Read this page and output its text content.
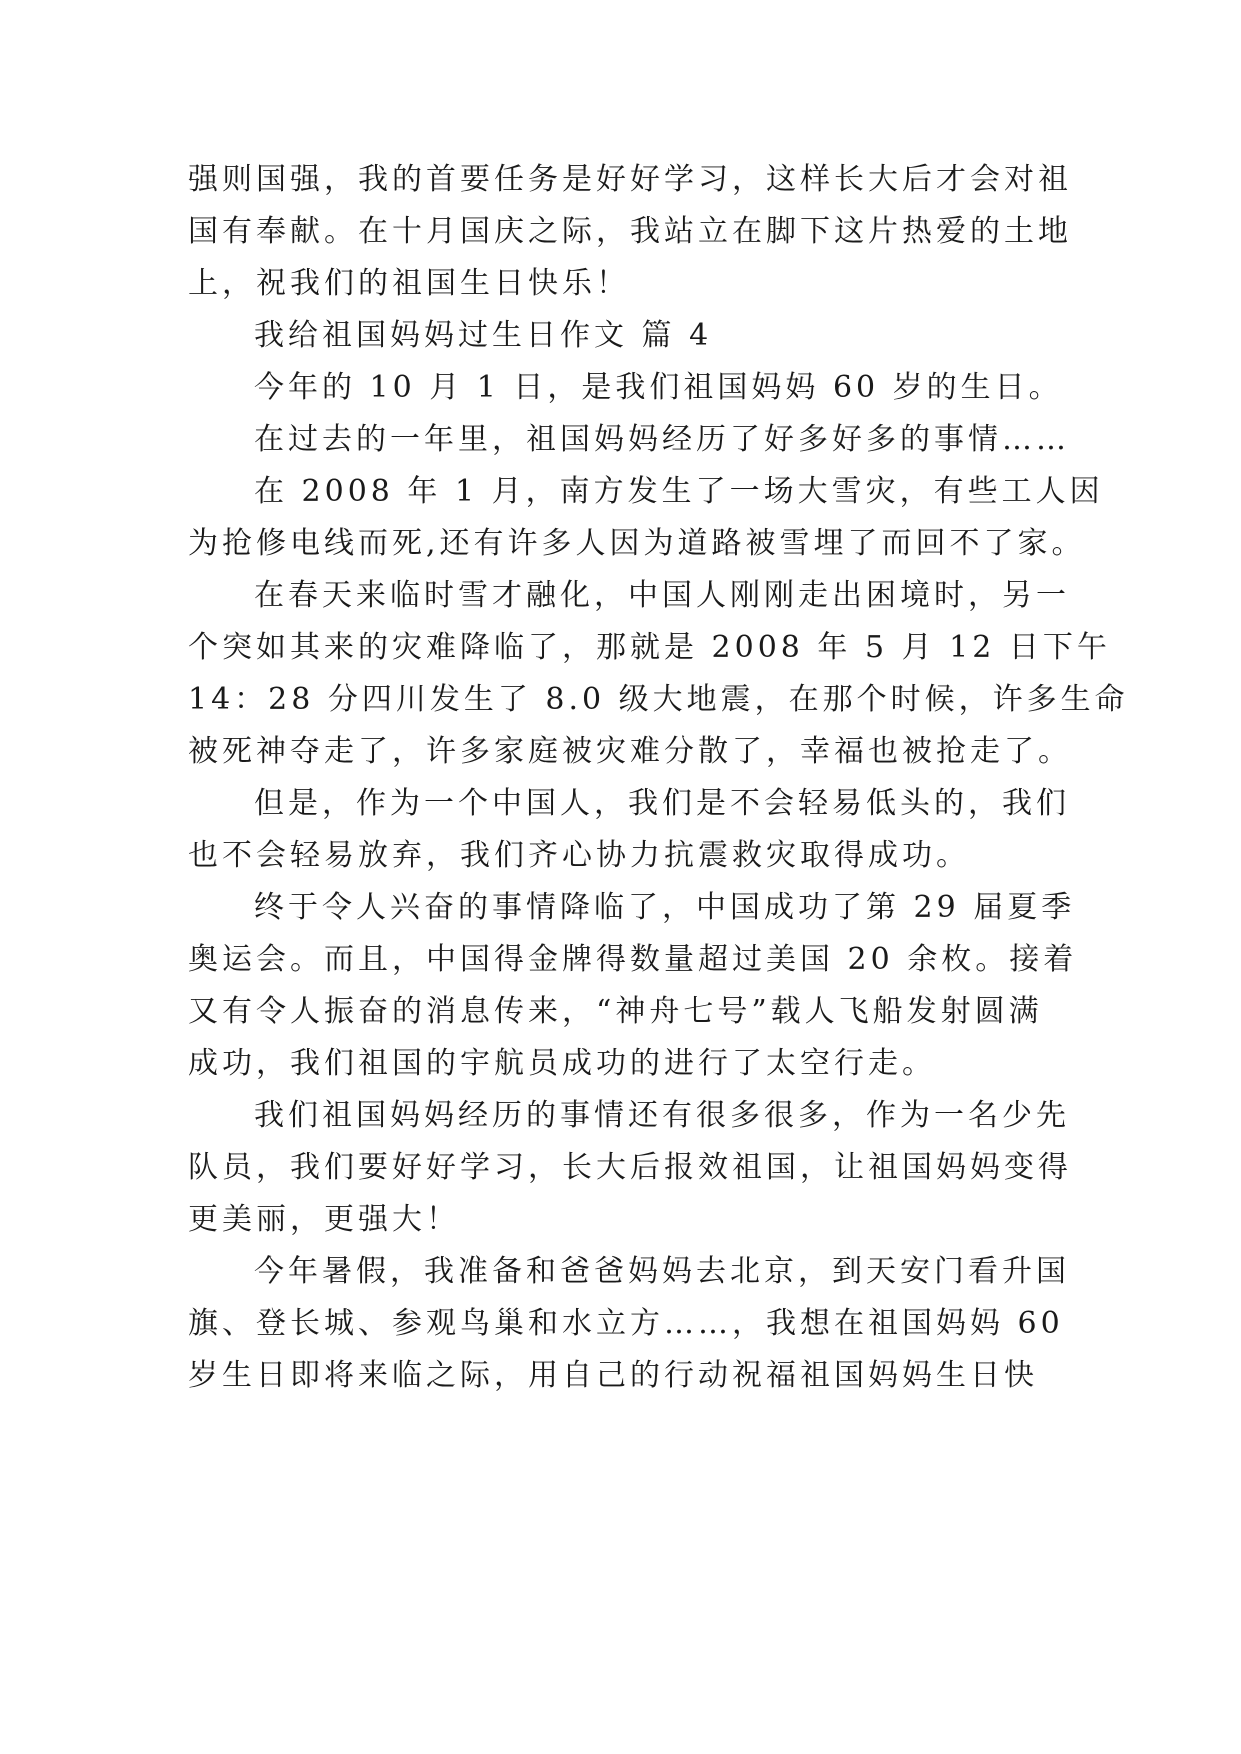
强则国强，我的首要任务是好好学习，这样长大后才会对祖

国有奉献。在十月国庆之际，我站立在脚下这片热爱的土地

上，祝我们的祖国生日快乐！

我给祖国妈妈过生日作文 篇 4

今年的 10 月 1 日，是我们祖国妈妈 60 岁的生日。

在过去的一年里，祖国妈妈经历了好多好多的事情……

在 2008 年 1 月，南方发生了一场大雪灾，有些工人因

为抢修电线而死,还有许多人因为道路被雪埋了而回不了家。

在春天来临时雪才融化，中国人刚刚走出困境时，另一

个突如其来的灾难降临了，那就是 2008 年 5 月 12 日下午

14：28 分四川发生了 8.0 级大地震，在那个时候，许多生命

被死神夺走了，许多家庭被灾难分散了，幸福也被抢走了。

但是，作为一个中国人，我们是不会轻易低头的，我们

也不会轻易放弃，我们齐心协力抗震救灾取得成功。

终于令人兴奋的事情降临了，中国成功了第 29 届夏季

奥运会。而且，中国得金牌得数量超过美国 20 余枚。接着

又有令人振奋的消息传来，“神舟七号”载人飞船发射圆满

成功，我们祖国的宇航员成功的进行了太空行走。

我们祖国妈妈经历的事情还有很多很多，作为一名少先

队员，我们要好好学习，长大后报效祖国，让祖国妈妈变得

更美丽，更强大！

今年暑假，我准备和爸爸妈妈去北京，到天安门看升国

旗、登长城、参观鸟巢和水立方……，我想在祖国妈妈 60

岁生日即将来临之际，用自己的行动祝福祖国妈妈生日快
